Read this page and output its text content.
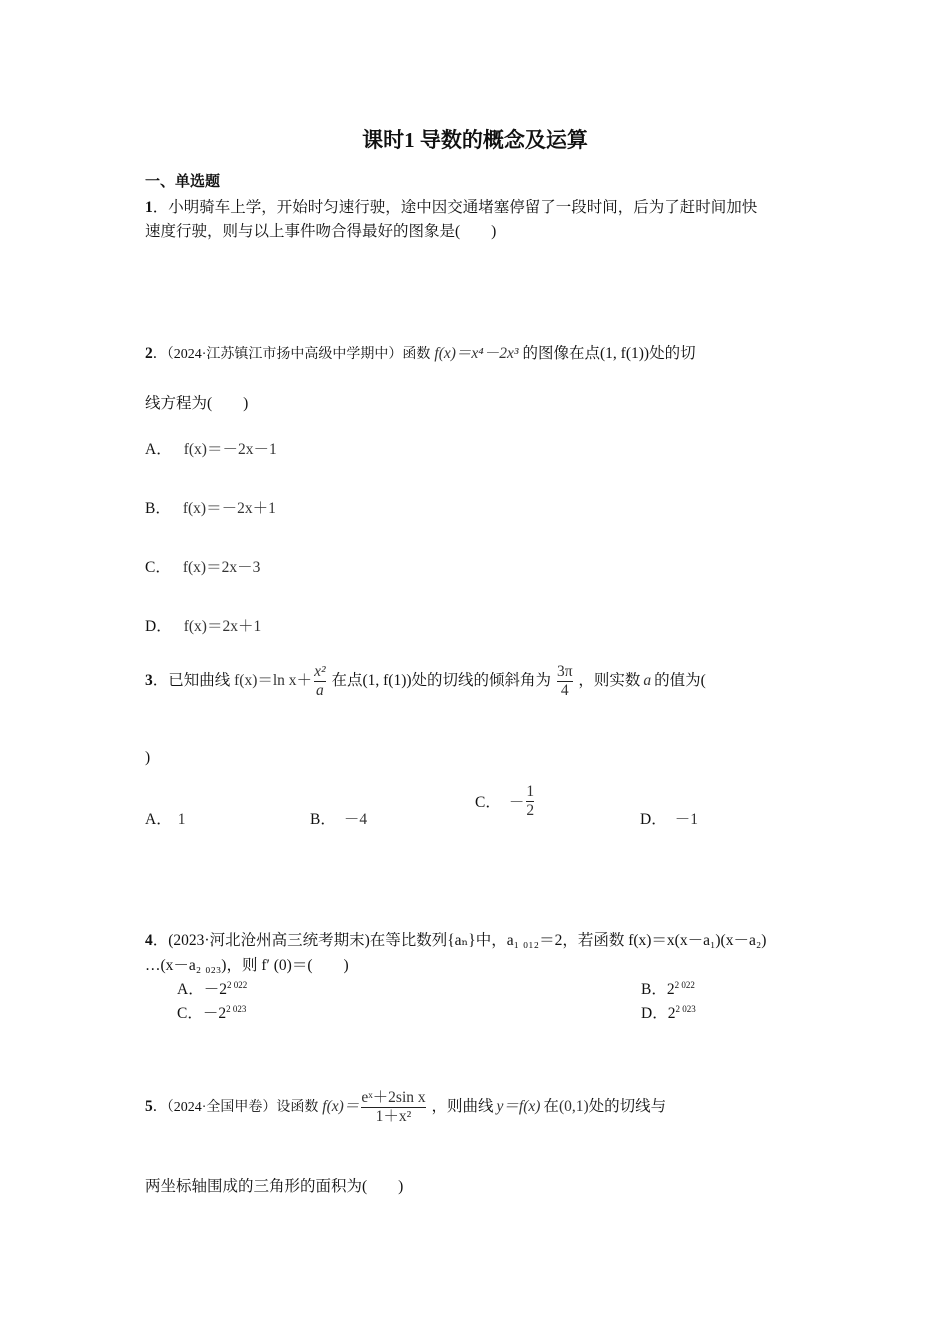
课时1 导数的概念及运算
一、单选题
1．小明骑车上学，开始时匀速行驶，途中因交通堵塞停留了一段时间，后为了赶时间加快
速度行驶，则与以上事件吻合得最好的图象是(　　)
2．（2024·江苏镇江市扬中高级中学期中）函数 f(x)＝x⁴－2x³ 的图像在点(1, f(1))处的切
线方程为(　　)
A． f(x)＝－2x－1
B． f(x)＝－2x＋1
C． f(x)＝2x－3
D． f(x)＝2x＋1
3．已知曲线 f(x)＝ln $x+ \frac{\text{x²}}{a}$ 在点(1, f(1))处的切线的倾斜角为 $\frac{3\pi}{4}$ ，则实数 a 的值为(
)
A． 1	B． －4
C． － $\frac{1}{2}$	D． －1
4．(2023·河北沧州高三统考期末)在等比数列{aₙ}中，a₁ ₀₁₂＝2，若函数 f(x)＝x(x－a₁)(x－a₂)
…(x－a₂ ₀₂₃)，则 f′ (0)＝(　　)
A．$-2^{2 022}$	B．$2^{2 022}$
C．$-2^{2 023}$	D．$2^{2 023}$
5．（2024·全国甲卷）设函数 $f(x)= \frac{\text{eˣ＋2sin x}}{\text{1＋x²}}$ ，则曲线 y＝f(x) 在(0,1)处的切线与
两坐标轴围成的三角形的面积为(　　)
